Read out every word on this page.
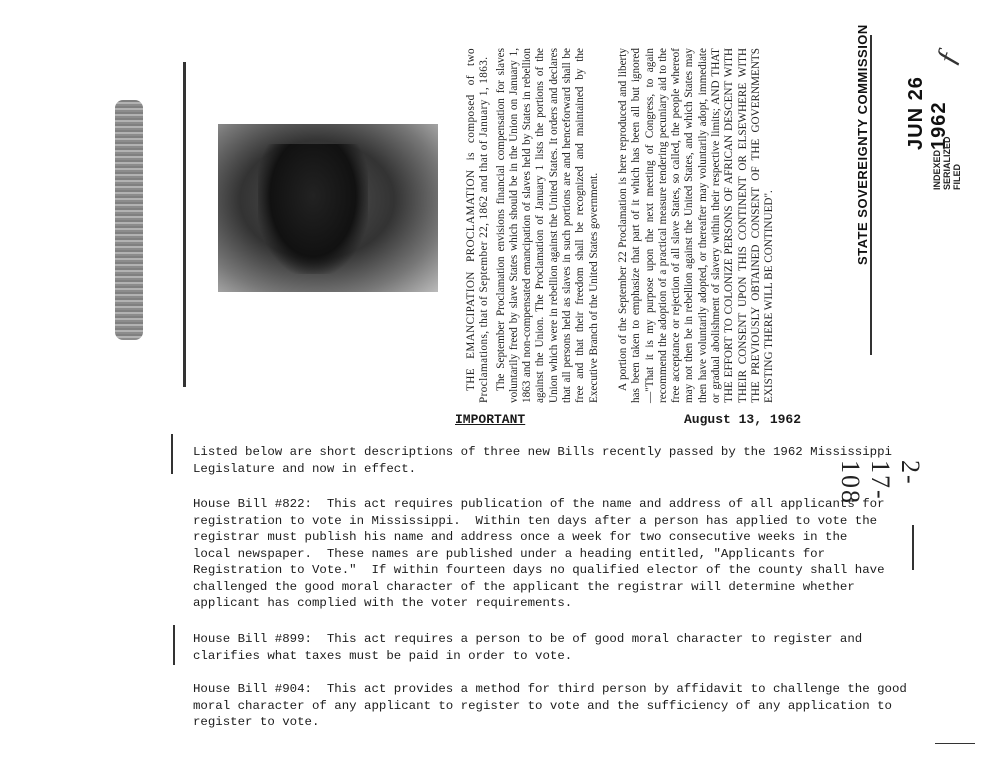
THE EMANCIPATION PROCLAMATION is composed of two Proclamations, that of September 22, 1862 and that of January 1, 1863. The September Proclamation envisions financial compensation for slaves voluntarily freed by slave States which should be in the Union on January 1, 1863 and non-compensated emancipation of slaves held by States in rebellion against the Union. The Proclamation of January 1 lists the portions of the Union which were in rebellion against the United States. It orders and declares that all persons held as slaves in such portions are and henceforward shall be free and that their freedom shall be recognized and maintained by the Executive Branch of the United States government. A portion of the September 22 Proclamation is here reproduced and liberty has been taken to emphasize that part of it which has been all but ignored—"That it is my purpose upon the next meeting of Congress, to again recommend the adoption of a practical measure tendering pecuniary aid to the free acceptance or rejection of all slave States, so called, the people whereof may not then be in rebellion against the United States, and which States may then have voluntarily adopted, or thereafter may voluntarily adopt, immediate or gradual abolishment of slavery within their respective limits; AND THAT THE EFFORT TO COLONIZE PERSONS OF AFRICAN DESCENT WITH THEIR CONSENT UPON THIS CONTINENT OR ELSEWHERE WITH THE PREVIOUSLY OBTAINED CONSENT OF THE GOVERNMENTS EXISTING THERE WILL BE CONTINUED".

STATE SOVEREIGNTY COMMISSION JUN 26 1962
INDEXED SERIALIZED FILED
2-17-108
ƒ
IMPORTANT	August 13, 1962
Listed below are short descriptions of three new Bills recently passed by the 1962 Mississippi
Legislature and now in effect.
House Bill #822:  This act requires publication of the name and address of all applicants for
registration to vote in Mississippi.  Within ten days after a person has applied to vote the
registrar must publish his name and address once a week for two consecutive weeks in the
local newspaper.  These names are published under a heading entitled, "Applicants for
Registration to Vote."  If within fourteen days no qualified elector of the county shall have
challenged the good moral character of the applicant the registrar will determine whether
applicant has complied with the voter requirements.
House Bill #899:  This act requires a person to be of good moral character to register and
clarifies what taxes must be paid in order to vote.
House Bill #904:  This act provides a method for third person by affidavit to challenge the good
moral character of any applicant to register to vote and the sufficiency of any application to
register to vote.
